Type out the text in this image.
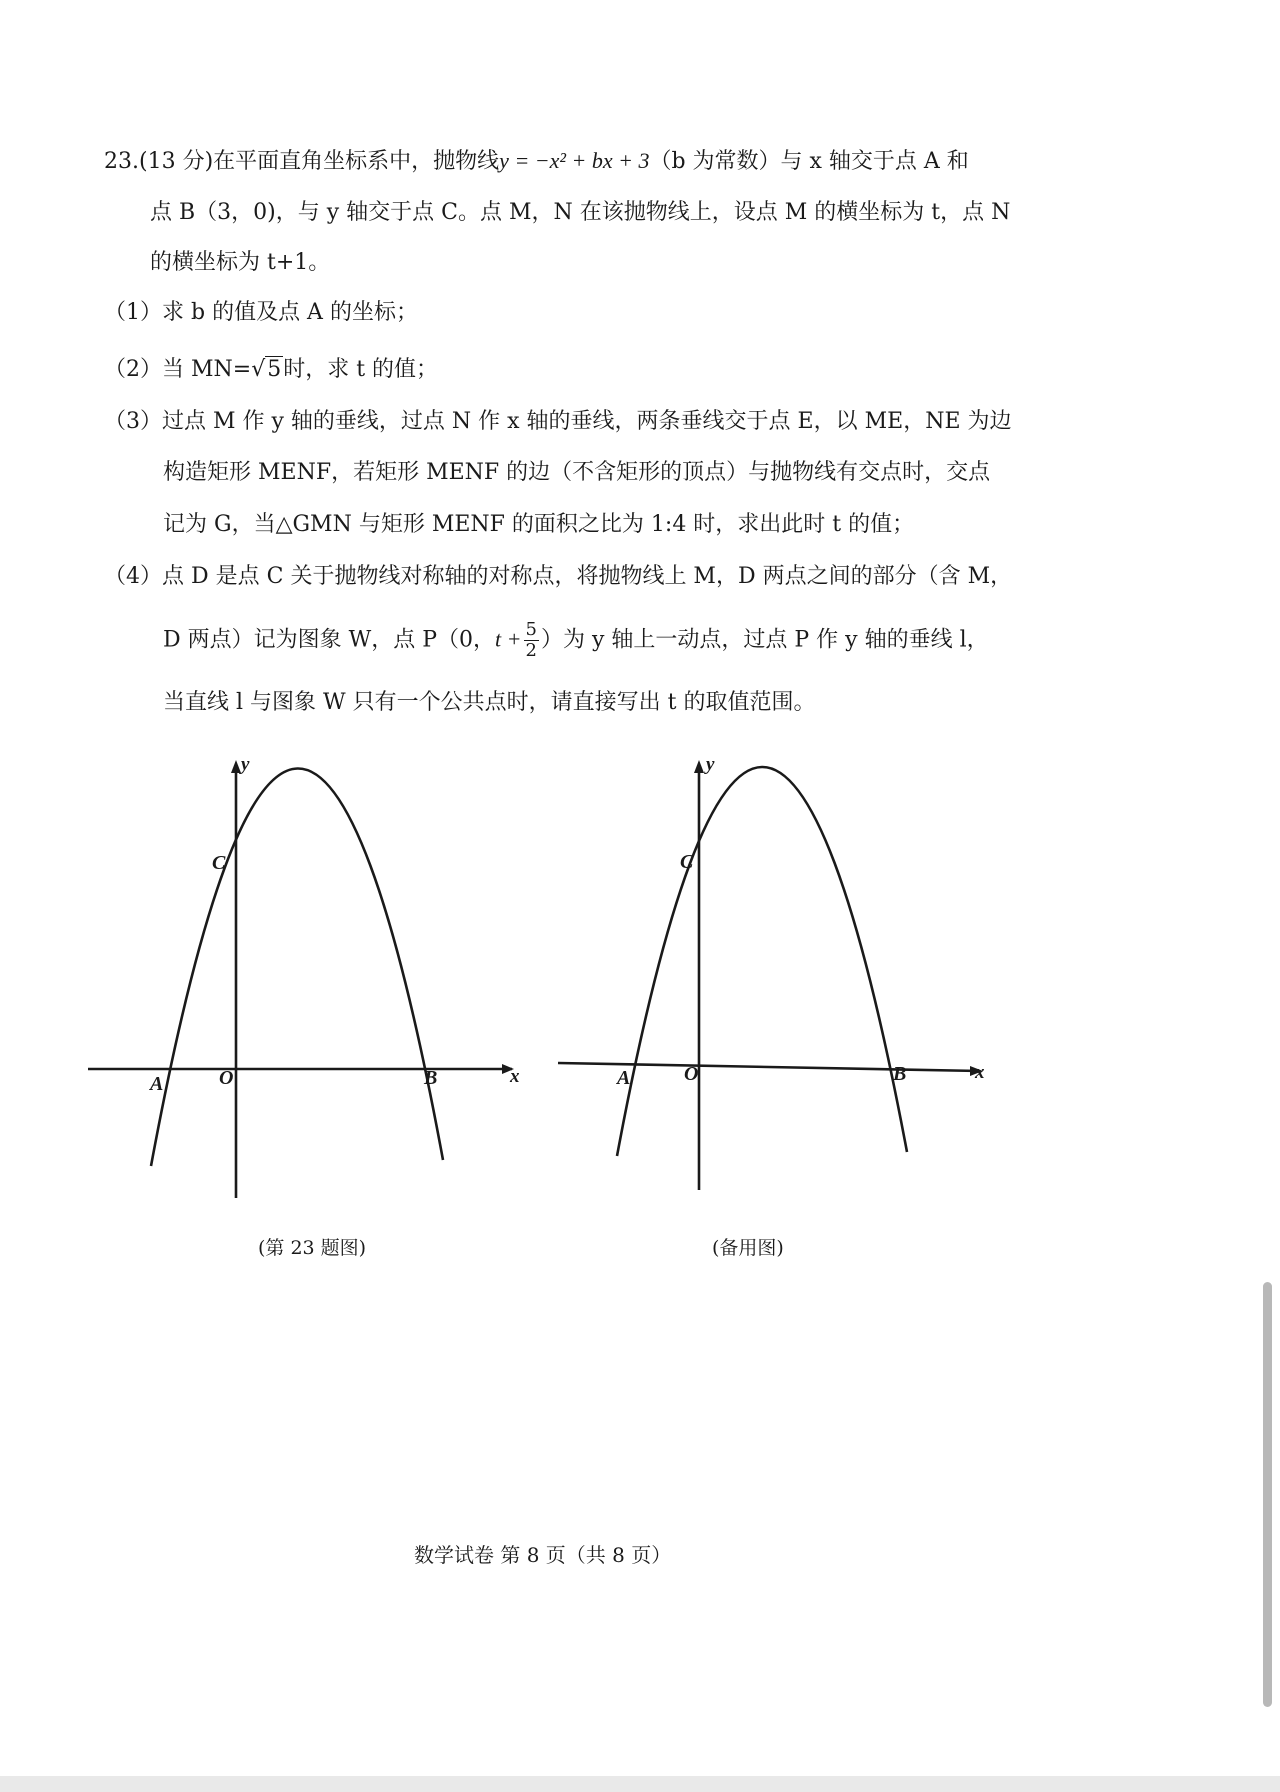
23.(13 分)在平面直角坐标系中，抛物线y = −x² + bx + 3（b 为常数）与 x 轴交于点 A 和
点 B（3，0)，与 y 轴交于点 C。点 M，N 在该抛物线上，设点 M 的横坐标为 t，点 N
的横坐标为 t+1。
（1）求 b 的值及点 A 的坐标；
（2）当 MN=√5时，求 t 的值；
（3）过点 M 作 y 轴的垂线，过点 N 作 x 轴的垂线，两条垂线交于点 E，以 ME，NE 为边
构造矩形 MENF，若矩形 MENF 的边（不含矩形的顶点）与抛物线有交点时，交点
记为 G，当△GMN 与矩形 MENF 的面积之比为 1:4 时，求出此时 t 的值；
（4）点 D 是点 C 关于抛物线对称轴的对称点，将抛物线上 M，D 两点之间的部分（含 M，
D 两点）记为图象 W，点 P（0，$t + \frac{5}{2}$ ）为 y 轴上一动点，过点 P 作 y 轴的垂线 l，
当直线 l 与图象 W 只有一个公共点时，请直接写出 t 的取值范围。
y
x
C
A	O	B
y
x
C
A	O	B
(第 23 题图)	(备用图)
数学试卷 第 8 页（共 8 页）
